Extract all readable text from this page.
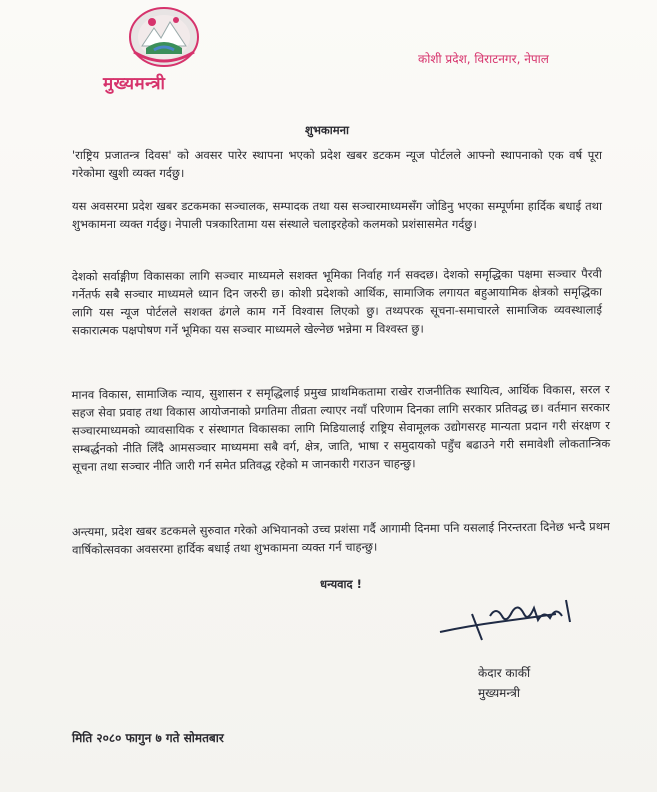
मुख्यमन्त्री
कोशी प्रदेश, विराटनगर, नेपाल
शुभकामना

'राष्ट्रिय प्रजातन्त्र दिवस' को अवसर पारेर स्थापना भएको प्रदेश खबर डटकम न्यूज पोर्टलले आफ्नो स्थापनाको एक वर्ष पूरा गरेकोमा खुशी व्यक्त गर्दछु।

यस अवसरमा प्रदेश खबर डटकमका सञ्चालक, सम्पादक तथा यस सञ्चारमाध्यमसँग जोडिनु भएका सम्पूर्णमा हार्दिक बधाई तथा शुभकामना व्यक्त गर्दछु। नेपाली पत्रकारितामा यस संस्थाले चलाइरहेको कलमको प्रशंसासमेत गर्दछु।

देशको सर्वाङ्गीण विकासका लागि सञ्चार माध्यमले सशक्त भूमिका निर्वाह गर्न सक्दछ। देशको समृद्धिका पक्षमा सञ्चार पैरवी गर्नेतर्फ सबै सञ्चार माध्यमले ध्यान दिन जरुरी छ। कोशी प्रदेशको आर्थिक, सामाजिक लगायत बहुआयामिक क्षेत्रको समृद्धिका लागि यस न्यूज पोर्टलले सशक्त ढंगले काम गर्ने विश्वास लिएको छु। तथ्यपरक सूचना-समाचारले सामाजिक व्यवस्थालाई सकारात्मक पक्षपोषण गर्ने भूमिका यस सञ्चार माध्यमले खेल्नेछ भन्नेमा म विश्वस्त छु।

मानव विकास, सामाजिक न्याय, सुशासन र समृद्धिलाई प्रमुख प्राथमिकतामा राखेर राजनीतिक स्थायित्व, आर्थिक विकास, सरल र सहज सेवा प्रवाह तथा विकास आयोजनाको प्रगतिमा तीव्रता ल्याएर नयाँ परिणाम दिनका लागि सरकार प्रतिवद्ध छ। वर्तमान सरकार सञ्चारमाध्यमको व्यावसायिक र संस्थागत विकासका लागि मिडियालाई राष्ट्रिय सेवामूलक उद्योगसरह मान्यता प्रदान गरी संरक्षण र सम्बर्द्धनको नीति लिँदै आमसञ्चार माध्यममा सबै वर्ग, क्षेत्र, जाति, भाषा र समुदायको पहुँच बढाउने गरी समावेशी लोकतान्त्रिक सूचना तथा सञ्चार नीति जारी गर्न समेत प्रतिवद्ध रहेको म जानकारी गराउन चाहन्छु।

अन्त्यमा, प्रदेश खबर डटकमले सुरुवात गरेको अभियानको उच्च प्रशंसा गर्दै आगामी दिनमा पनि यसलाई निरन्तरता दिनेछ भन्दै प्रथम वार्षिकोत्सवका अवसरमा हार्दिक बधाई तथा शुभकामना व्यक्त गर्न चाहन्छु।

धन्यवाद !
केदार कार्की
मुख्यमन्त्री
मिति २०८० फागुन ७ गते सोमतबार
